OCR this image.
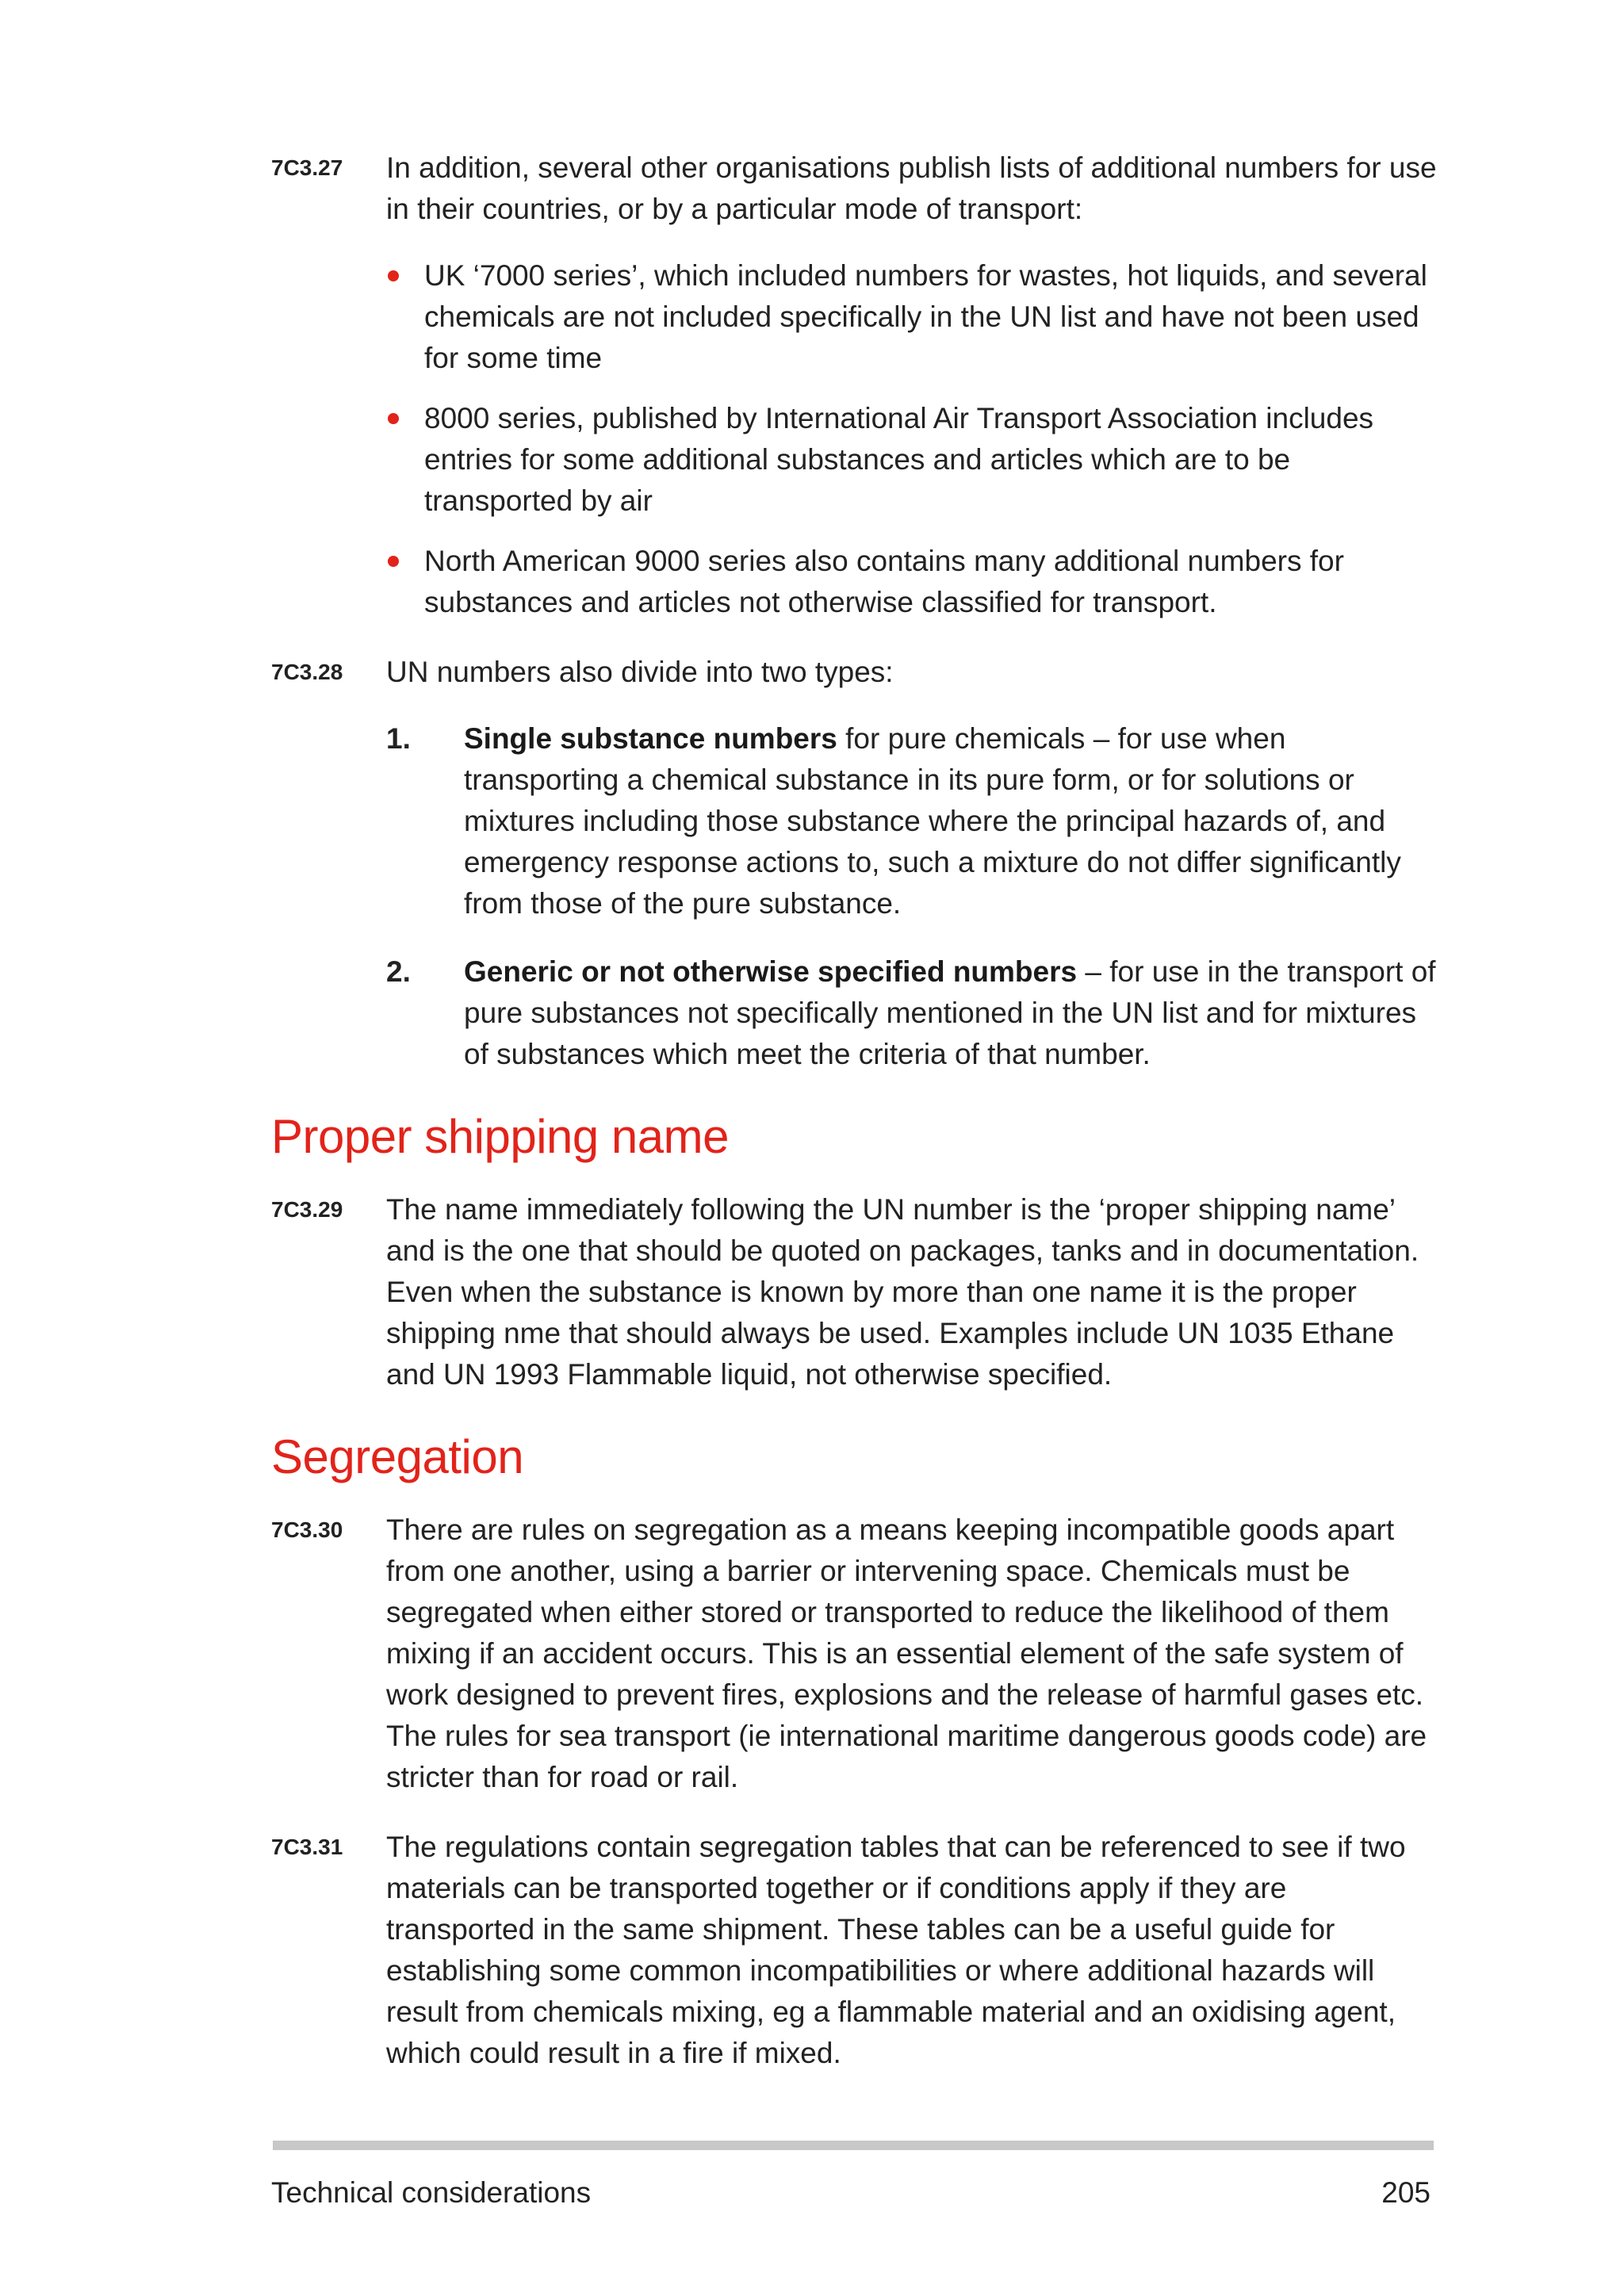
7C3.27	In addition, several other organisations publish lists of additional numbers for use in their countries, or by a particular mode of transport:

UK ‘7000 series’, which included numbers for wastes, hot liquids, and several chemicals are not included specifically in the UN list and have not been used for some time
8000 series, published by International Air Transport Association includes entries for some additional substances and articles which are to be transported by air
North American 9000 series also contains many additional numbers for substances and articles not otherwise classified for transport.
7C3.28	UN numbers also divide into two types:

1.	Single substance numbers for pure chemicals – for use when transporting a chemical substance in its pure form, or for solutions or mixtures including those substance where the principal hazards of, and emergency response actions to, such a mixture do not differ significantly from those of the pure substance.
2.	Generic or not otherwise specified numbers – for use in the transport of pure substances not specifically mentioned in the UN list and for mixtures of substances which meet the criteria of that number.
Proper shipping name
7C3.29	The name immediately following the UN number is the ‘proper shipping name’ and is the one that should be quoted on packages, tanks and in documentation. Even when the substance is known by more than one name it is the proper shipping nme that should always be used. Examples include UN 1035 Ethane and UN 1993 Flammable liquid, not otherwise specified.

Segregation
7C3.30	There are rules on segregation as a means keeping incompatible goods apart from one another, using a barrier or intervening space. Chemicals must be segregated when either stored or transported to reduce the likelihood of them mixing if an accident occurs. This is an essential element of the safe system of work designed to prevent fires, explosions and the release of harmful gases etc. The rules for sea transport (ie international maritime dangerous goods code) are stricter than for road or rail.

7C3.31	The regulations contain segregation tables that can be referenced to see if two materials can be transported together or if conditions apply if they are transported in the same shipment. These tables can be a useful guide for establishing some common incompatibilities or where additional hazards will result from chemicals mixing, eg a flammable material and an oxidising agent, which could result in a fire if mixed.

Technical considerations	205
